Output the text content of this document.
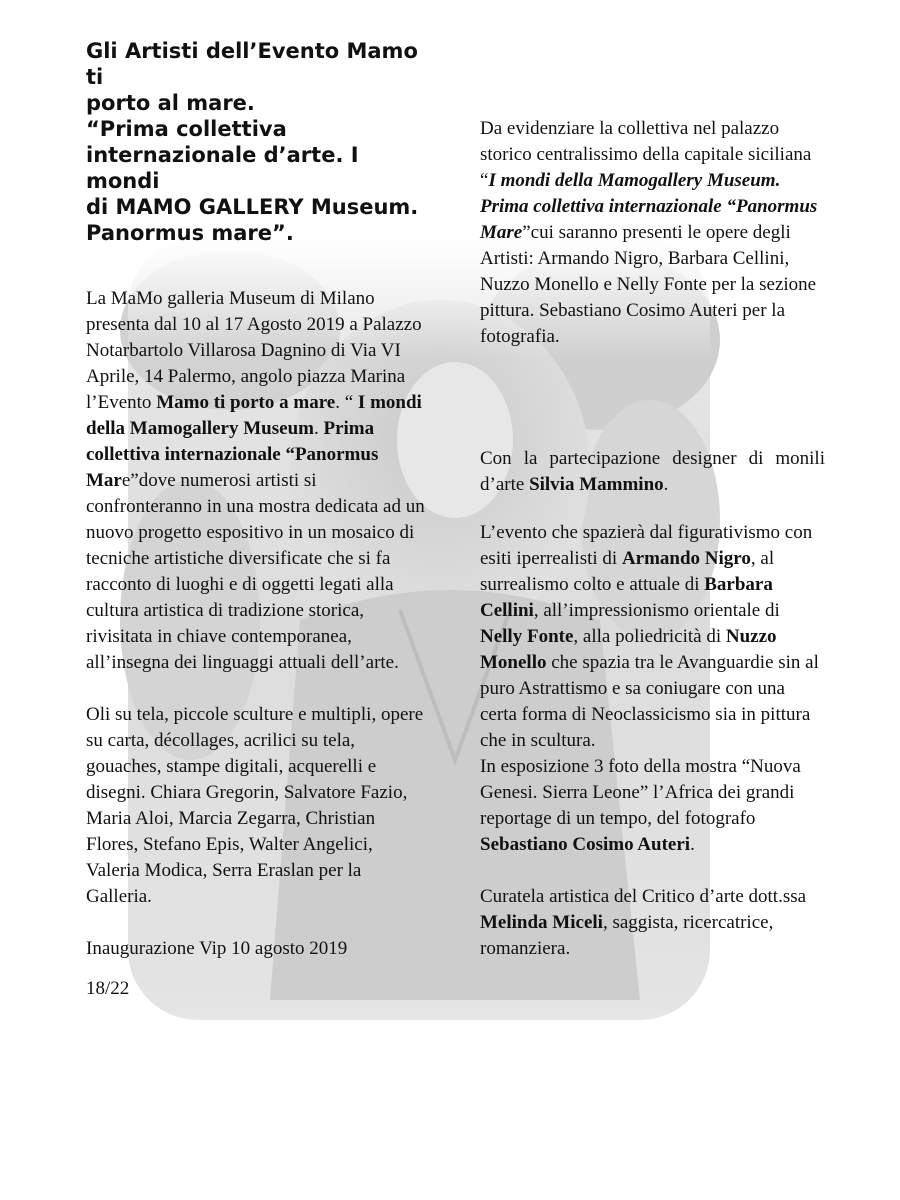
Gli Artisti dell’Evento Mamo ti
porto al mare.
“Prima collettiva
internazionale d’arte. I mondi
di MAMO GALLERY Museum.
Panormus mare”.

La MaMo galleria Museum di Milano presenta dal 10 al 17 Agosto 2019 a Palazzo Notarbartolo Villarosa Dagnino di Via VI Aprile, 14 Palermo, angolo piazza Marina l’Evento Mamo ti porto a mare. “ I mondi della Mamogallery Museum. Prima collettiva internazionale “Panormus Mare”dove numerosi artisti si confronteranno in una mostra dedicata ad un nuovo progetto espositivo in un mosaico di tecniche artistiche diversificate che si fa racconto di luoghi e di oggetti legati alla cultura artistica di tradizione storica, rivisitata in chiave contemporanea, all’insegna dei linguaggi attuali dell’arte.

Oli su tela, piccole sculture e multipli, opere su carta, décollages, acrilici su tela, gouaches, stampe digitali, acquerelli e disegni. Chiara Gregorin, Salvatore Fazio, Maria Aloi, Marcia Zegarra, Christian Flores, Stefano Epis, Walter Angelici, Valeria Modica, Serra Eraslan per la Galleria.

Inaugurazione Vip 10 agosto 2019

18/22

Da evidenziare la collettiva nel palazzo storico centralissimo della capitale siciliana “I mondi della Mamogallery Museum. Prima collettiva internazionale “Panormus Mare”cui saranno presenti le opere degli Artisti: Armando Nigro, Barbara Cellini, Nuzzo Monello e Nelly Fonte per la sezione pittura. Sebastiano Cosimo Auteri per la fotografia.

Con la partecipazione designer di monili d’arte Silvia Mammino.

L’evento che spazierà dal figurativismo con esiti iperrealisti di Armando Nigro, al surrealismo colto e attuale di Barbara Cellini, all’impressionismo orientale di Nelly Fonte, alla poliedricità di Nuzzo Monello che spazia tra le Avanguardie sin al puro Astrattismo e sa coniugare con una certa forma di Neoclassicismo sia in pittura che in scultura.
In esposizione 3 foto della mostra “Nuova Genesi. Sierra Leone” l’Africa dei grandi reportage di un tempo, del fotografo Sebastiano Cosimo Auteri.

Curatela artistica del Critico d’arte dott.ssa Melinda Miceli, saggista, ricercatrice, romanziera.
